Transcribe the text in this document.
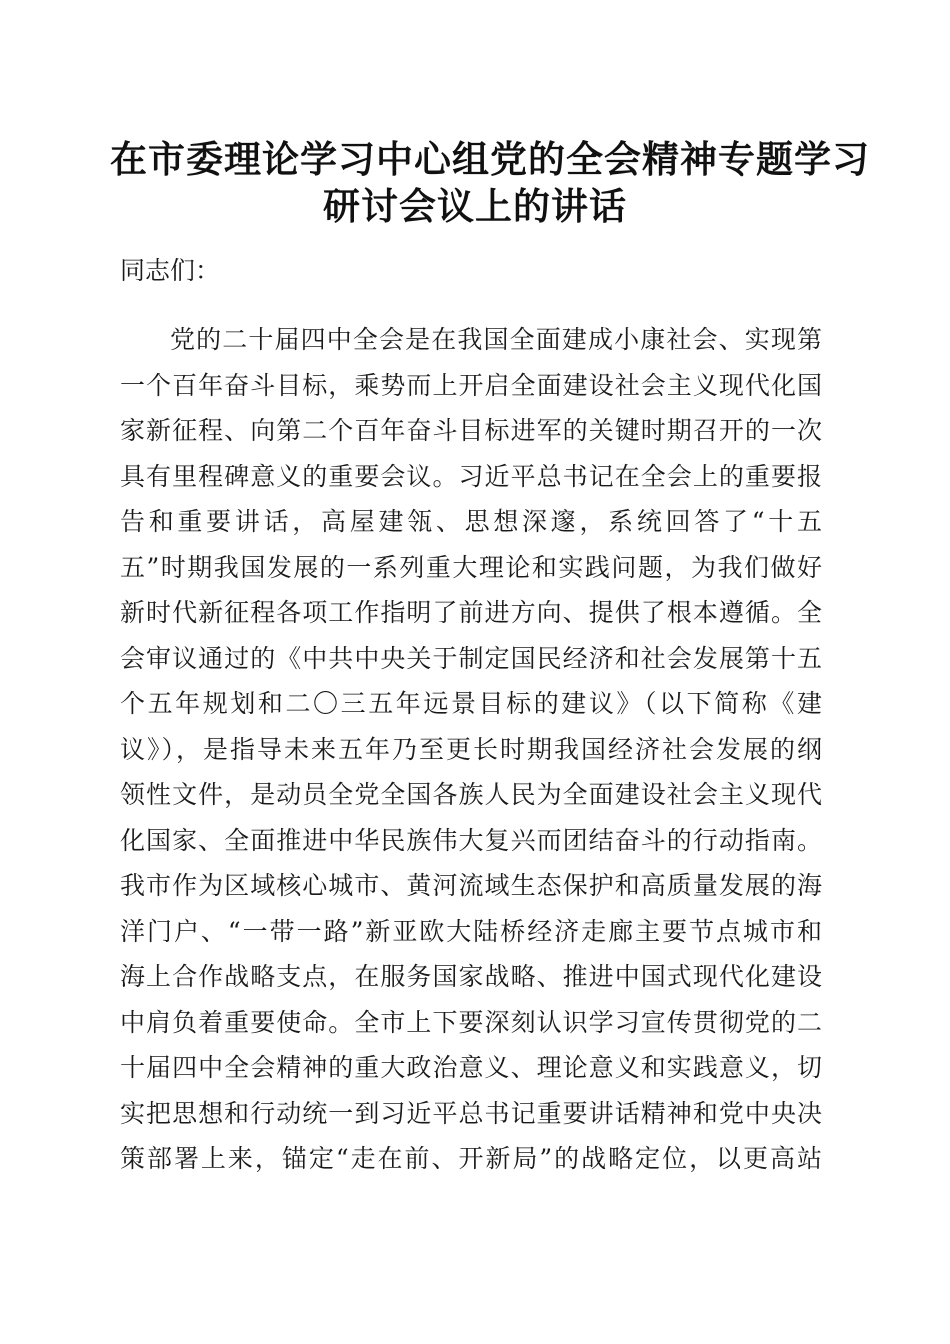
在市委理论学习中心组党的全会精神专题学习
研讨会议上的讲话
同志们：
党的二十届四中全会是在我国全面建成小康社会、实现第
一个百年奋斗目标，乘势而上开启全面建设社会主义现代化国
家新征程、向第二个百年奋斗目标进军的关键时期召开的一次
具有里程碑意义的重要会议。习近平总书记在全会上的重要报
告和重要讲话，高屋建瓴、思想深邃，系统回答了“十五
五”时期我国发展的一系列重大理论和实践问题，为我们做好
新时代新征程各项工作指明了前进方向、提供了根本遵循。全
会审议通过的《中共中央关于制定国民经济和社会发展第十五
个五年规划和二〇三五年远景目标的建议》（以下简称《建
议》），是指导未来五年乃至更长时期我国经济社会发展的纲
领性文件，是动员全党全国各族人民为全面建设社会主义现代
化国家、全面推进中华民族伟大复兴而团结奋斗的行动指南。
我市作为区域核心城市、黄河流域生态保护和高质量发展的海
洋门户、“一带一路”新亚欧大陆桥经济走廊主要节点城市和
海上合作战略支点，在服务国家战略、推进中国式现代化建设
中肩负着重要使命。全市上下要深刻认识学习宣传贯彻党的二
十届四中全会精神的重大政治意义、理论意义和实践意义，切
实把思想和行动统一到习近平总书记重要讲话精神和党中央决
策部署上来，锚定“走在前、开新局”的战略定位，以更高站
